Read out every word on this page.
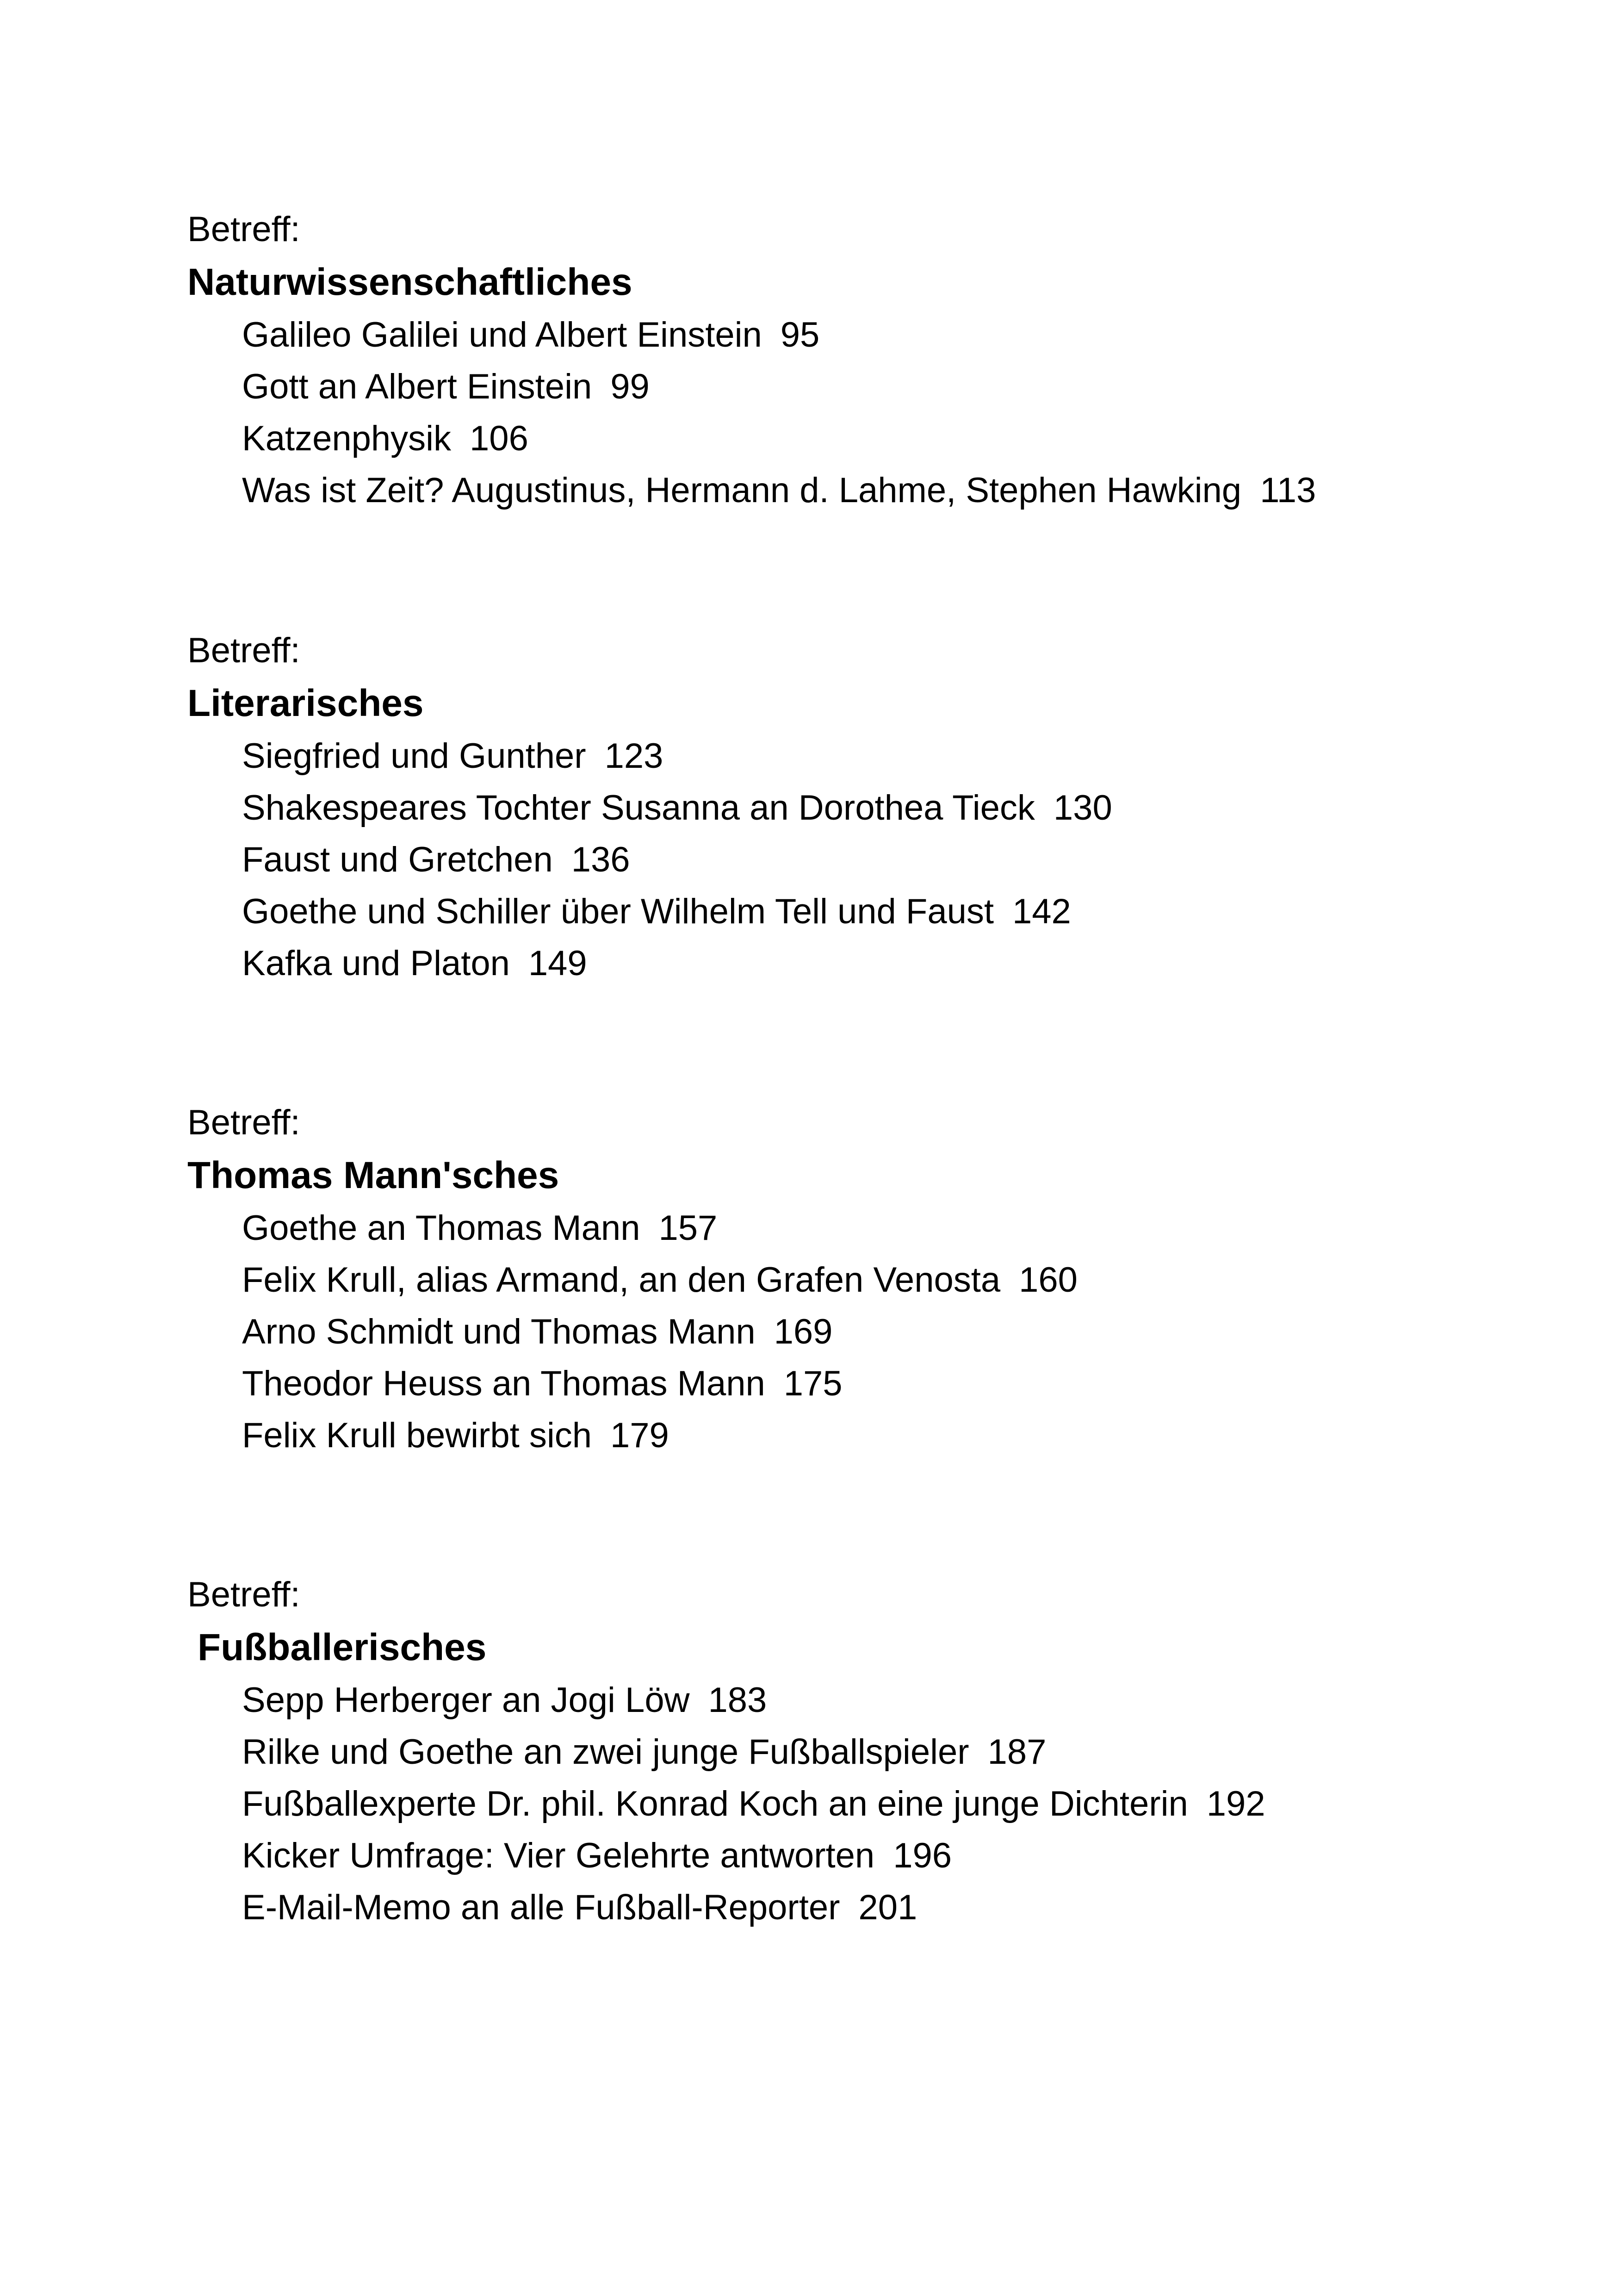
Betreff:
Naturwissenschaftliches
Galileo Galilei und Albert Einstein 95
Gott an Albert Einstein 99
Katzenphysik 106
Was ist Zeit? Augustinus, Hermann d. Lahme, Stephen Hawking 113
Betreff:
Literarisches
Siegfried und Gunther 123
Shakespeares Tochter Susanna an Dorothea Tieck 130
Faust und Gretchen 136
Goethe und Schiller über Wilhelm Tell und Faust 142
Kafka und Platon 149
Betreff:
Thomas Mann'sches
Goethe an Thomas Mann 157
Felix Krull, alias Armand, an den Grafen Venosta 160
Arno Schmidt und Thomas Mann 169
Theodor Heuss an Thomas Mann 175
Felix Krull bewirbt sich 179
Betreff:
Fußballerisches
Sepp Herberger an Jogi Löw 183
Rilke und Goethe an zwei junge Fußballspieler 187
Fußballexperte Dr. phil. Konrad Koch an eine junge Dichterin 192
Kicker Umfrage: Vier Gelehrte antworten 196
E-Mail-Memo an alle Fußball-Reporter 201
